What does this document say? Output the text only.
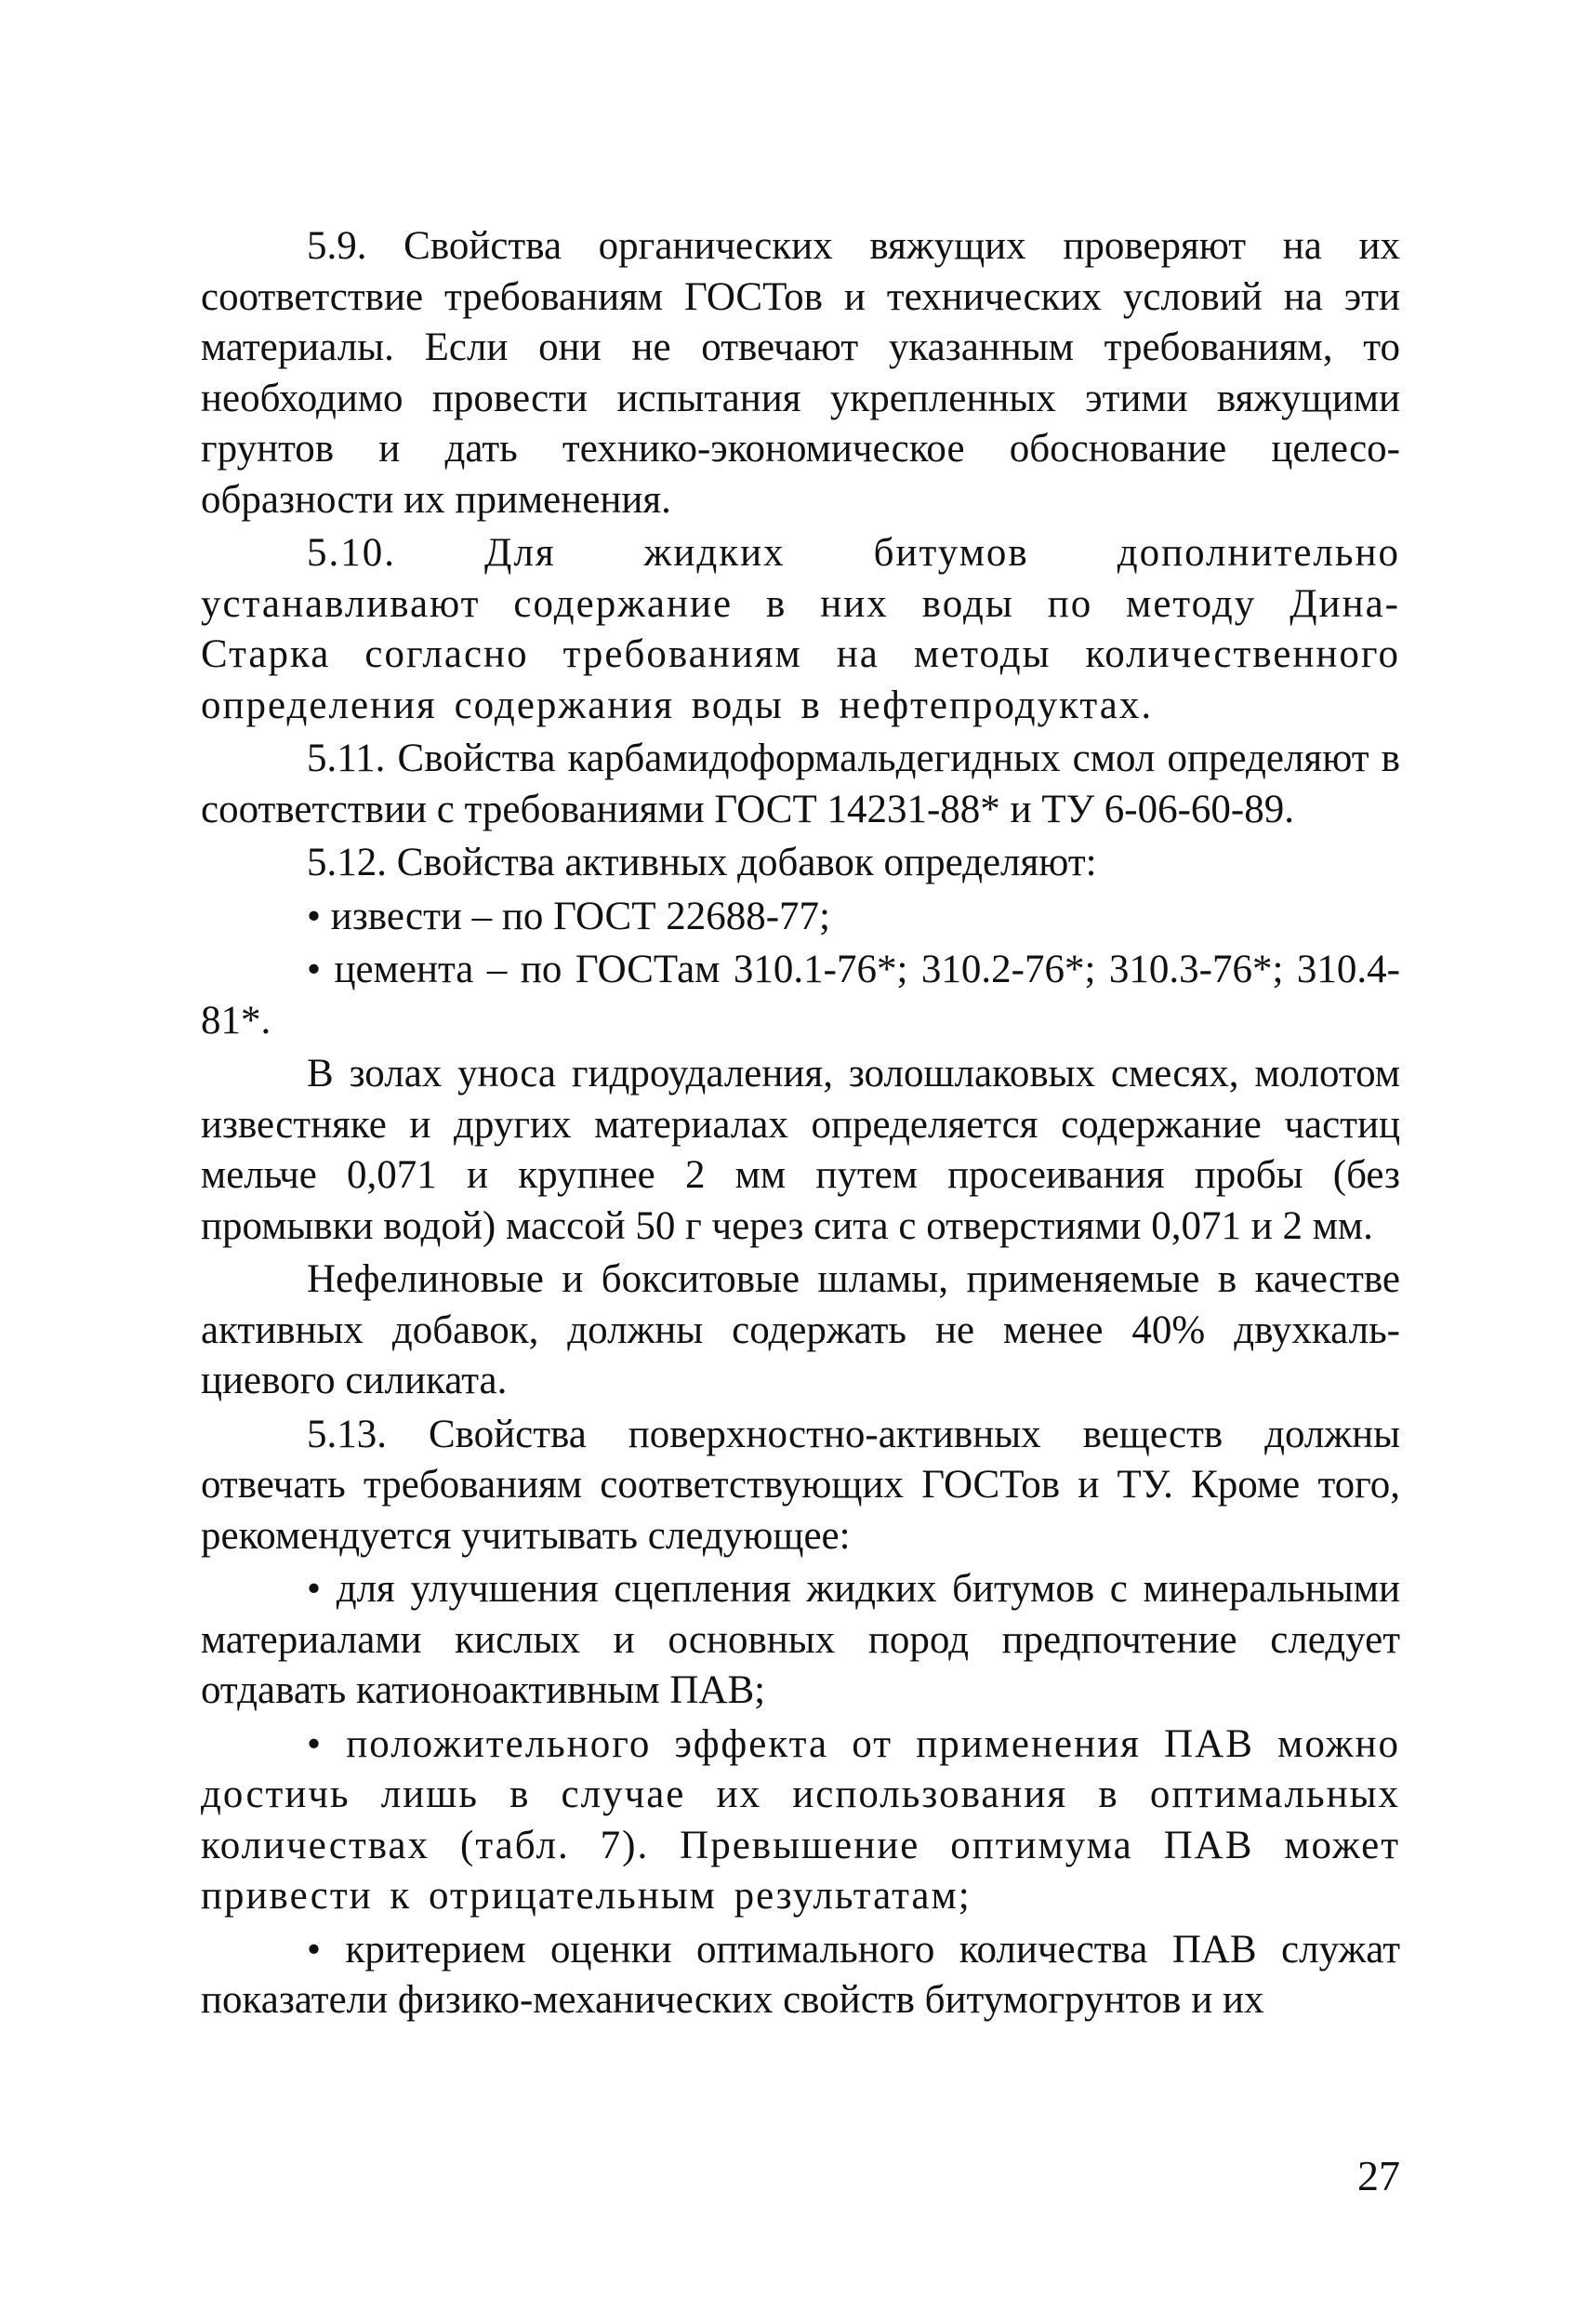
5.9. Свойства органических вяжущих проверяют на их соответствие требованиям ГОСТов и технических условий на эти материалы. Если они не отвечают указанным требованиям, то необходимо провести испытания укрепленных этими вяжущими грунтов и дать технико-экономическое обоснование целесо-образности их применения.

5.10. Для жидких битумов дополнительно устанавливают содержание в них воды по методу Дина-Старка согласно требованиям на методы количественного определения содержания воды в нефтепродуктах.

5.11. Свойства карбамидоформальдегидных смол определяют в соответствии с требованиями ГОСТ 14231-88* и ТУ 6-06-60-89.

5.12. Свойства активных добавок определяют:

• извести – по ГОСТ 22688-77;

• цемента – по ГОСТам 310.1-76*; 310.2-76*; 310.3-76*; 310.4-81*.

В золах уноса гидроудаления, золошлаковых смесях, молотом известняке и других материалах определяется содержание частиц мельче 0,071 и крупнее 2 мм путем просеивания пробы (без промывки водой) массой 50 г через сита с отверстиями 0,071 и 2 мм.

Нефелиновые и бокситовые шламы, применяемые в качестве активных добавок, должны содержать не менее 40% двухкаль-циевого силиката.

5.13. Свойства поверхностно-активных веществ должны отвечать требованиям соответствующих ГОСТов и ТУ. Кроме того, рекомендуется учитывать следующее:

• для улучшения сцепления жидких битумов с минеральными материалами кислых и основных пород предпочтение следует отдавать катионоактивным ПАВ;

• положительного эффекта от применения ПАВ можно достичь лишь в случае их использования в оптимальных количествах (табл. 7). Превышение оптимума ПАВ может привести к отрицательным результатам;

• критерием оценки оптимального количества ПАВ служат показатели физико-механических свойств битумогрунтов и их

27
